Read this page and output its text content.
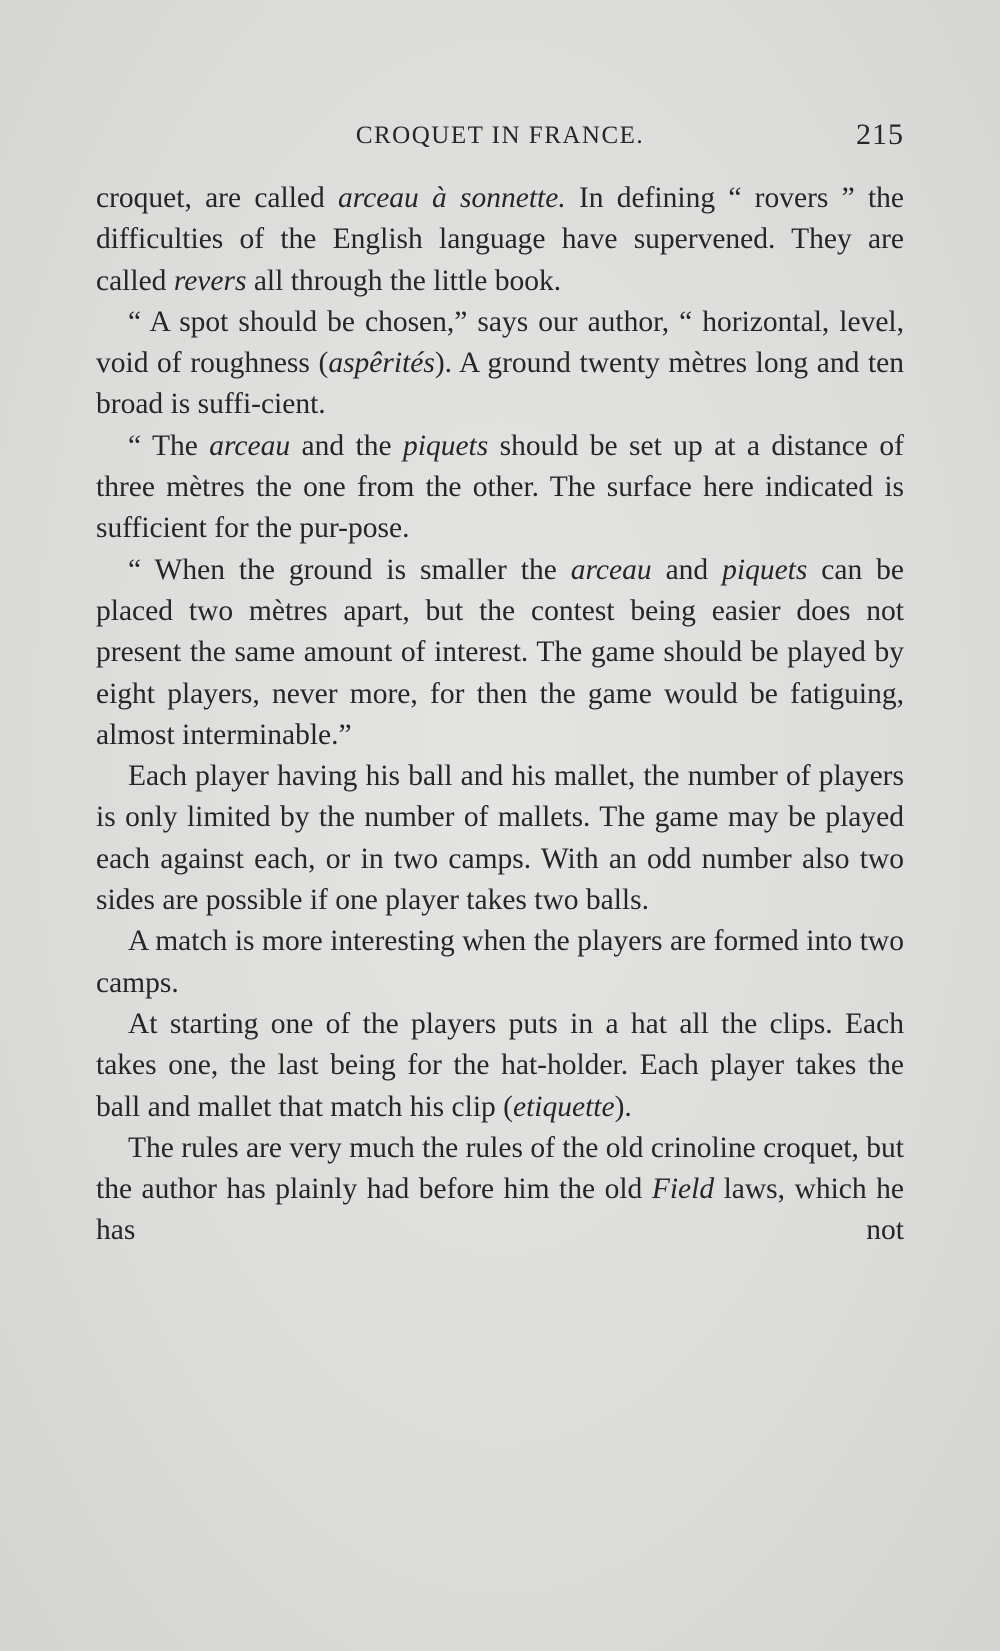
CROQUET IN FRANCE.	215

croquet, are called arceau à sonnette. In defining “ rovers ” the difficulties of the English language have supervened. They are called revers all through the little book.

“ A spot should be chosen,” says our author, “ horizontal, level, void of roughness (aspêrités). A ground twenty mètres long and ten broad is suffi-cient.

“ The arceau and the piquets should be set up at a distance of three mètres the one from the other. The surface here indicated is sufficient for the pur-pose.

“ When the ground is smaller the arceau and piquets can be placed two mètres apart, but the contest being easier does not present the same amount of interest. The game should be played by eight players, never more, for then the game would be fatiguing, almost interminable.”

Each player having his ball and his mallet, the number of players is only limited by the number of mallets. The game may be played each against each, or in two camps. With an odd number also two sides are possible if one player takes two balls.

A match is more interesting when the players are formed into two camps.

At starting one of the players puts in a hat all the clips. Each takes one, the last being for the hat-holder. Each player takes the ball and mallet that match his clip (etiquette).

The rules are very much the rules of the old crinoline croquet, but the author has plainly had before him the old Field laws, which he has not
